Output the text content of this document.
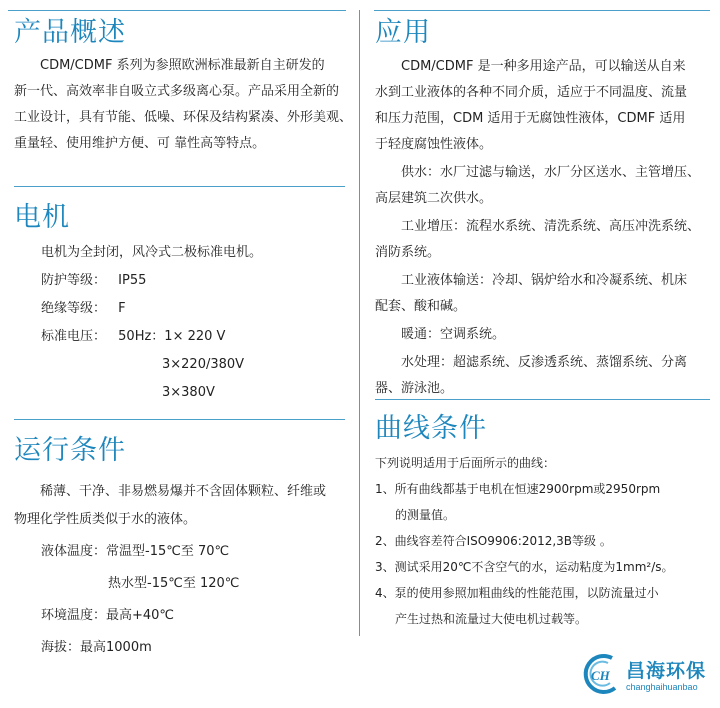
产品概述
CDM/CDMF 系列为参照欧洲标准最新自主研发的
新一代、高效率非自吸立式多级离心泵。产品采用全新的
工业设计，具有节能、低噪、环保及结构紧凑、外形美观、
重量轻、使用维护方便、可 靠性高等特点。
电机
电机为全封闭，风冷式二极标准电机。
防护等级： IP55
绝缘等级： F
标准电压： 50Hz：1× 220 V
3×220/380V
3×380V
运行条件
稀薄、干净、非易燃易爆并不含固体颗粒、纤维或
物理化学性质类似于水的液体。
液体温度：常温型-15℃至 70℃
热水型-15℃至 120℃
环境温度：最高+40℃
海拔：最高1000m
应用
CDM/CDMF 是一种多用途产品，可以输送从自来
水到工业液体的各种不同介质，适应于不同温度、流量
和压力范围，CDM 适用于无腐蚀性液体，CDMF 适用
于轻度腐蚀性液体。
供水：水厂过滤与输送，水厂分区送水、主管增压、
高层建筑二次供水。
工业增压：流程水系统、清洗系统、高压冲洗系统、
消防系统。
工业液体输送：冷却、锅炉给水和冷凝系统、机床
配套、酸和碱。
暖通：空调系统。
水处理：超滤系统、反渗透系统、蒸馏系统、分离
器、游泳池。
曲线条件
下列说明适用于后面所示的曲线：
1、所有曲线都基于电机在恒速2900rpm或2950rpm
的测量值。
2、曲线容差符合ISO9906:2012,3B等级 。
3、测试采用20℃不含空气的水，运动粘度为1mm²/s。
4、泵的使用参照加粗曲线的性能范围，以防流量过小
产生过热和流量过大使电机过载等。
CH 昌海环保
changhaihuanbao
